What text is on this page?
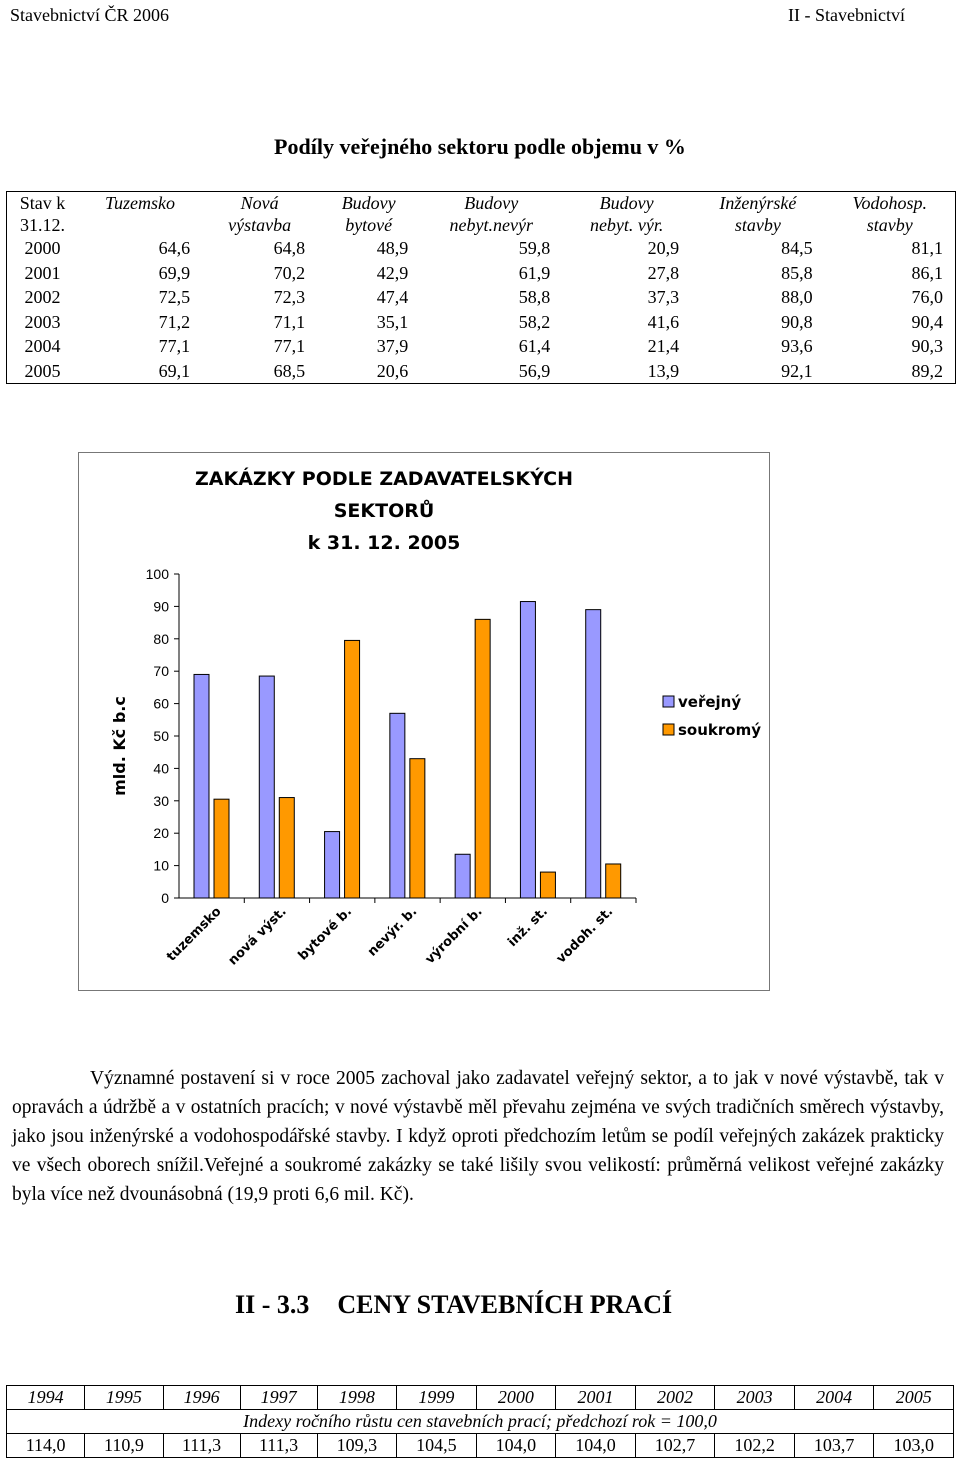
Stavebnictví ČR 2006	II - Stavebnictví
Podíly veřejného sektoru podle objemu v %
Stav k	Tuzemsko	Nová	Budovy	Budovy	Budovy	Inženýrské	Vodohosp.
31.12.		výstavba	bytové	nebyt.nevýr	nebyt. výr.	stavby	stavby
2000	64,6	64,8	48,9	59,8	20,9	84,5	81,1
2001	69,9	70,2	42,9	61,9	27,8	85,8	86,1
2002	72,5	72,3	47,4	58,8	37,3	88,0	76,0
2003	71,2	71,1	35,1	58,2	41,6	90,8	90,4
2004	77,1	77,1	37,9	61,4	21,4	93,6	90,3
2005	69,1	68,5	20,6	56,9	13,9	92,1	89,2
ZAKÁZKY PODLE ZADAVATELSKÝCH
SEKTORŮ
k 31. 12. 2005
0
10
20
30
40
50
60
70
80
90
100
mld. Kč b.c
tuzemsko nová výst. bytové b. nevýr. b. výrobní b. inž. st. vodoh. st.
veřejný
soukromý

Významné postavení si v roce 2005 zachoval jako zadavatel veřejný sektor, a to jak v nové výstavbě, tak v opravách a údržbě a v ostatních pracích; v nové výstavbě měl převahu zejména ve svých tradičních směrech výstavby, jako jsou inženýrské a vodohospodářské stavby. I když oproti předchozím letům se podíl veřejných zakázek prakticky ve všech oborech snížil.Veřejné a soukromé zakázky se také lišily svou velikostí: průměrná velikost veřejné zakázky byla více než dvounásobná (19,9 proti 6,6 mil. Kč).

II - 3.3 CENY STAVEBNÍCH PRACÍ
1994	1995	1996	1997	1998	1999	2000	2001	2002	2003	2004	2005
Indexy ročního růstu cen stavebních prací; předchozí rok = 100,0											
114,0	110,9	111,3	111,3	109,3	104,5	104,0	104,0	102,7	102,2	103,7	103,0
